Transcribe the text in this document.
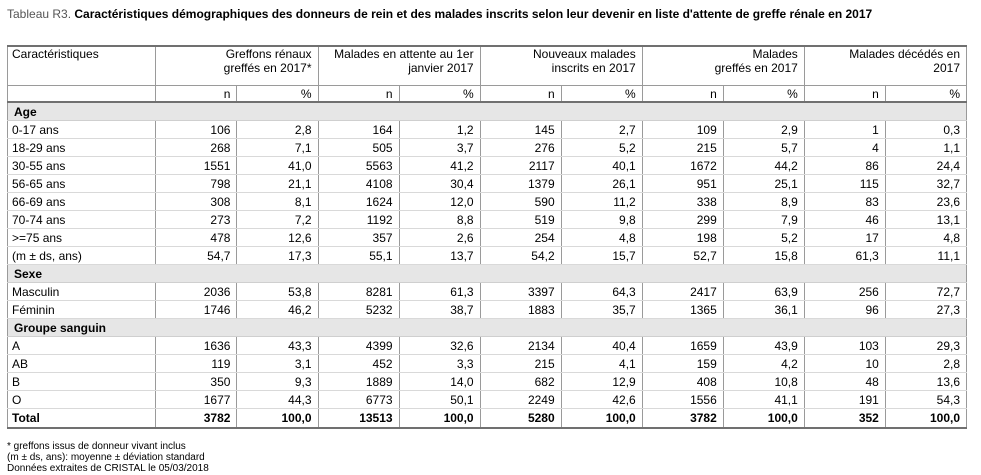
Tableau R3. Caractéristiques démographiques des donneurs de rein et des malades inscrits selon leur devenir en liste d'attente de greffe rénale en 2017
Caractéristiques	Greffons rénaux greffés en 2017*		Malades en attente au 1er janvier 2017		Nouveaux malades inscrits en 2017		Malades greffés en 2017		Malades décédés en 2017	
	n	%	n	%	n	%	n	%	n	%
Age										
0-17 ans	106	2,8	164	1,2	145	2,7	109	2,9	1	0,3
18-29 ans	268	7,1	505	3,7	276	5,2	215	5,7	4	1,1
30-55 ans	1551	41,0	5563	41,2	2117	40,1	1672	44,2	86	24,4
56-65 ans	798	21,1	4108	30,4	1379	26,1	951	25,1	115	32,7
66-69 ans	308	8,1	1624	12,0	590	11,2	338	8,9	83	23,6
70-74 ans	273	7,2	1192	8,8	519	9,8	299	7,9	46	13,1
>=75 ans	478	12,6	357	2,6	254	4,8	198	5,2	17	4,8
(m ± ds, ans)	54,7	17,3	55,1	13,7	54,2	15,7	52,7	15,8	61,3	11,1
Sexe										
Masculin	2036	53,8	8281	61,3	3397	64,3	2417	63,9	256	72,7
Féminin	1746	46,2	5232	38,7	1883	35,7	1365	36,1	96	27,3
Groupe sanguin										
A	1636	43,3	4399	32,6	2134	40,4	1659	43,9	103	29,3
AB	119	3,1	452	3,3	215	4,1	159	4,2	10	2,8
B	350	9,3	1889	14,0	682	12,9	408	10,8	48	13,6
O	1677	44,3	6773	50,1	2249	42,6	1556	41,1	191	54,3
Total	3782	100,0	13513	100,0	5280	100,0	3782	100,0	352	100,0
* greffons issus de donneur vivant inclus
(m ± ds, ans): moyenne ± déviation standard
Données extraites de CRISTAL le 05/03/2018
